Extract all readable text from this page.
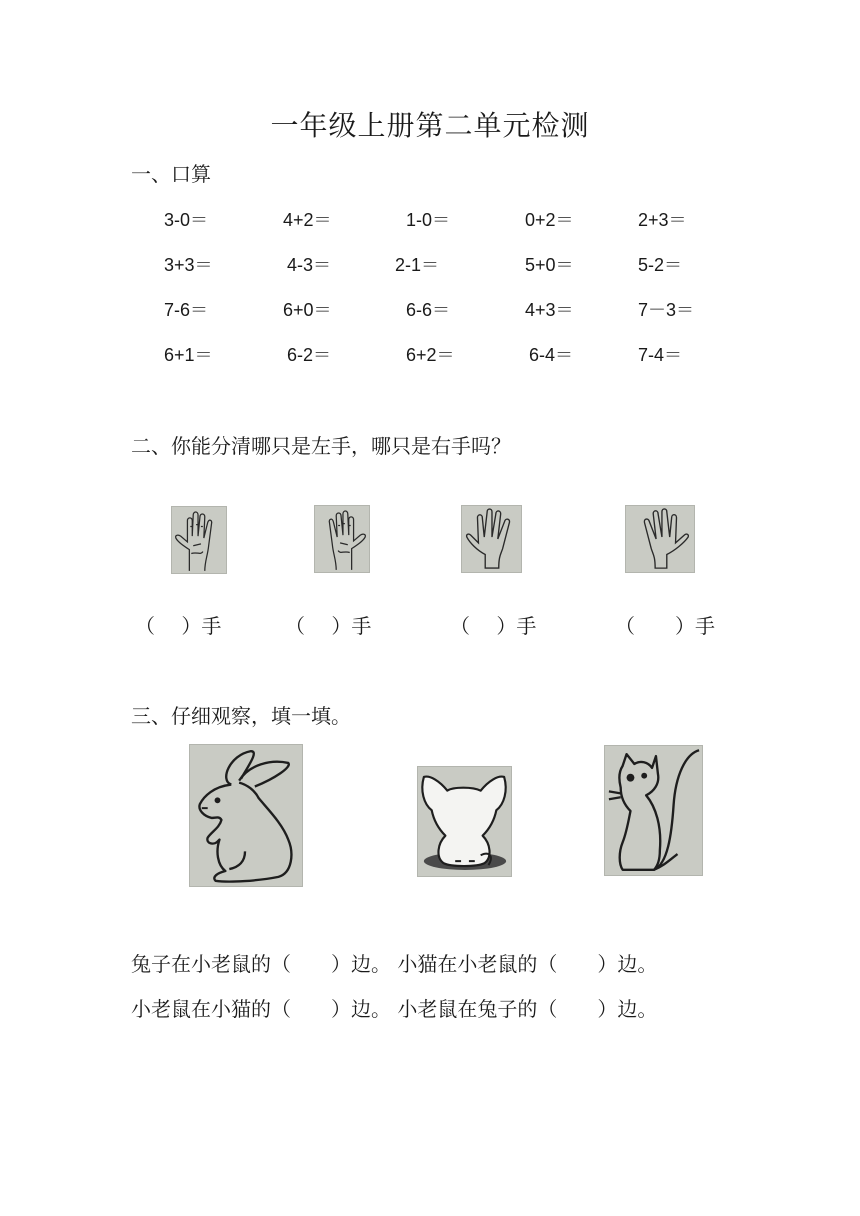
一年级上册第二单元检测
一、口算
3-0＝	4+2＝	1-0＝	0+2＝	2+3＝
3+3＝	4-3＝	2-1＝	5+0＝	5-2＝
7-6＝	6+0＝	6-6＝	4+3＝	7－3＝
6+1＝	6-2＝	6+2＝	6-4＝	7-4＝
二、你能分清哪只是左手，哪只是右手吗？
（　 ）手	（　 ）手	（　 ）手	（　　）手
三、仔细观察，填一填。
兔子在小老鼠的（　　）边。 小猫在小老鼠的（　　）边。
小老鼠在小猫的（　　）边。 小老鼠在兔子的（　　）边。
